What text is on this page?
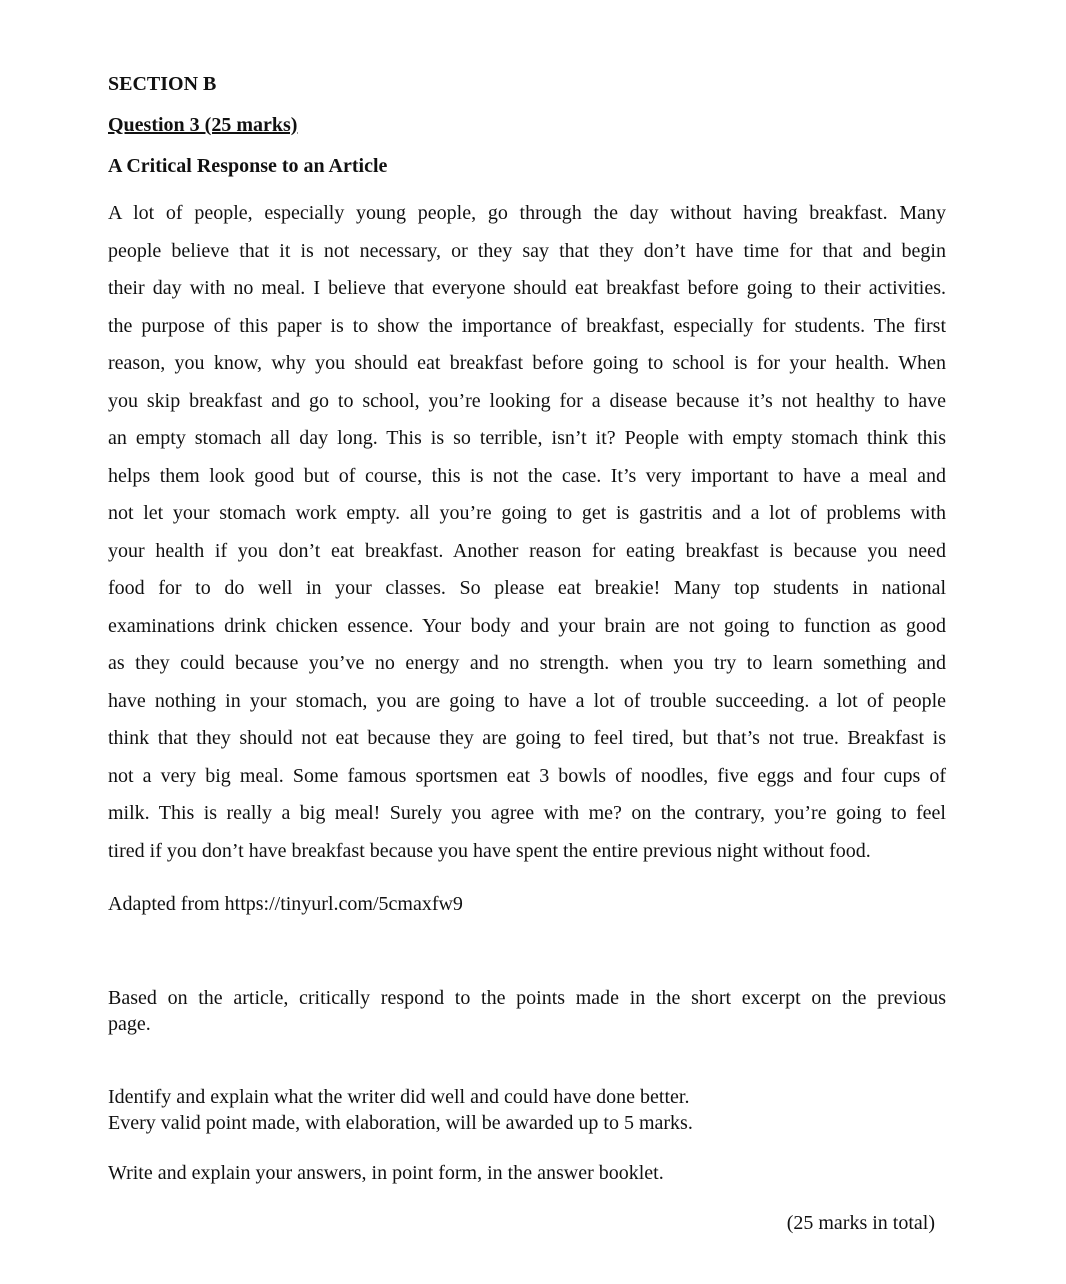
SECTION B
Question 3 (25 marks)
A Critical Response to an Article
A lot of people, especially young people, go through the day without having breakfast. Many
people believe that it is not necessary, or they say that they don’t have time for that and begin
their day with no meal. I believe that everyone should eat breakfast before going to their activities.
the purpose of this paper is to show the importance of breakfast, especially for students. The first
reason, you know, why you should eat breakfast before going to school is for your health. When
you skip breakfast and go to school, you’re looking for a disease because it’s not healthy to have
an empty stomach all day long. This is so terrible, isn’t it? People with empty stomach think this
helps them look good but of course, this is not the case. It’s very important to have a meal and
not let your stomach work empty. all you’re going to get is gastritis and a lot of problems with
your health if you don’t eat breakfast. Another reason for eating breakfast is because you need
food for to do well in your classes. So please eat breakie! Many top students in national
examinations drink chicken essence. Your body and your brain are not going to function as good
as they could because you’ve no energy and no strength. when you try to learn something and
have nothing in your stomach, you are going to have a lot of trouble succeeding. a lot of people
think that they should not eat because they are going to feel tired, but that’s not true. Breakfast is
not a very big meal. Some famous sportsmen eat 3 bowls of noodles, five eggs and four cups of
milk. This is really a big meal! Surely you agree with me? on the contrary, you’re going to feel
tired if you don’t have breakfast because you have spent the entire previous night without food.
Adapted from https://tinyurl.com/5cmaxfw9
Based on the article, critically respond to the points made in the short excerpt on the previous
page.
Identify and explain what the writer did well and could have done better.
Every valid point made, with elaboration, will be awarded up to 5 marks.
Write and explain your answers, in point form, in the answer booklet.
(25 marks in total)
